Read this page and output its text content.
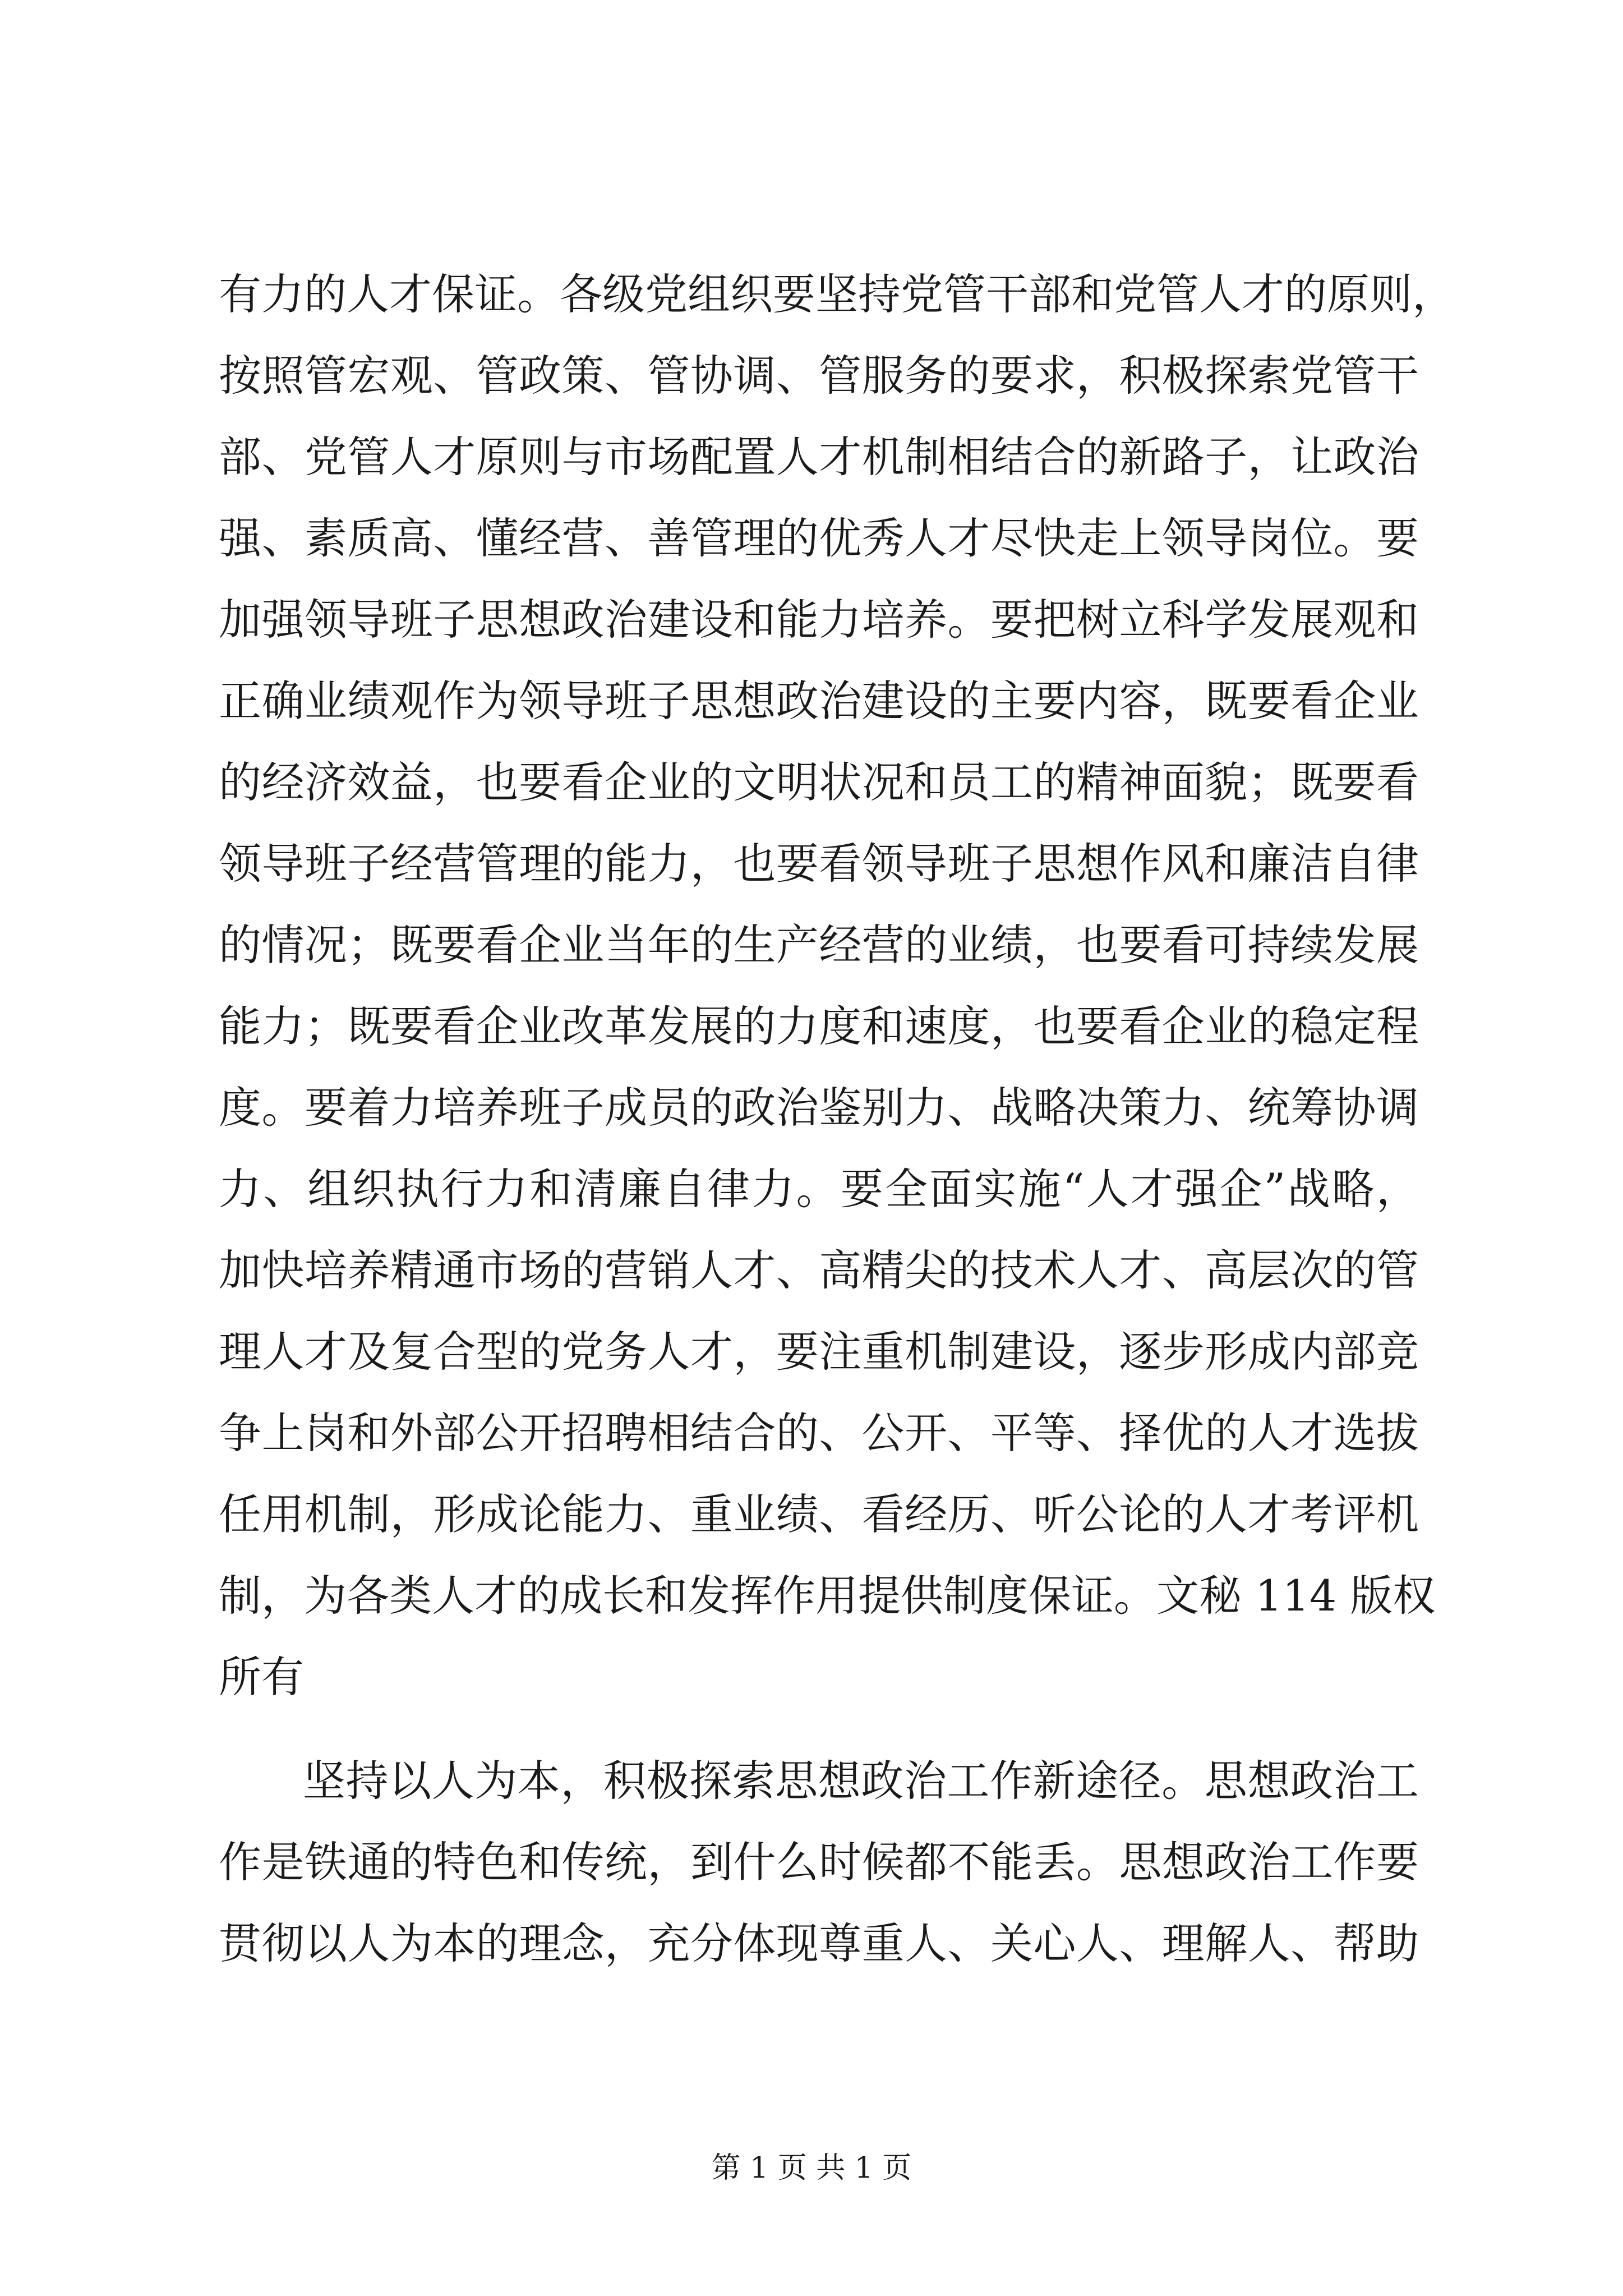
有力的人才保证。各级党组织要坚持党管干部和党管人才的原则，
按照管宏观、管政策、管协调、管服务的要求，积极探索党管干
部、党管人才原则与市场配置人才机制相结合的新路子，让政治
强、素质高、懂经营、善管理的优秀人才尽快走上领导岗位。要
加强领导班子思想政治建设和能力培养。要把树立科学发展观和
正确业绩观作为领导班子思想政治建设的主要内容，既要看企业
的经济效益，也要看企业的文明状况和员工的精神面貌；既要看
领导班子经营管理的能力，也要看领导班子思想作风和廉洁自律
的情况；既要看企业当年的生产经营的业绩，也要看可持续发展
能力；既要看企业改革发展的力度和速度，也要看企业的稳定程
度。要着力培养班子成员的政治鉴别力、战略决策力、统筹协调
力、组织执行力和清廉自律力。要全面实施“人才强企”战略，
加快培养精通市场的营销人才、高精尖的技术人才、高层次的管
理人才及复合型的党务人才，要注重机制建设，逐步形成内部竞
争上岗和外部公开招聘相结合的、公开、平等、择优的人才选拔
任用机制，形成论能力、重业绩、看经历、听公论的人才考评机
制，为各类人才的成长和发挥作用提供制度保证。文秘 114 版权
所有
坚持以人为本，积极探索思想政治工作新途径。思想政治工
作是铁通的特色和传统，到什么时候都不能丢。思想政治工作要
贯彻以人为本的理念，充分体现尊重人、关心人、理解人、帮助
第 1 页 共 1 页
